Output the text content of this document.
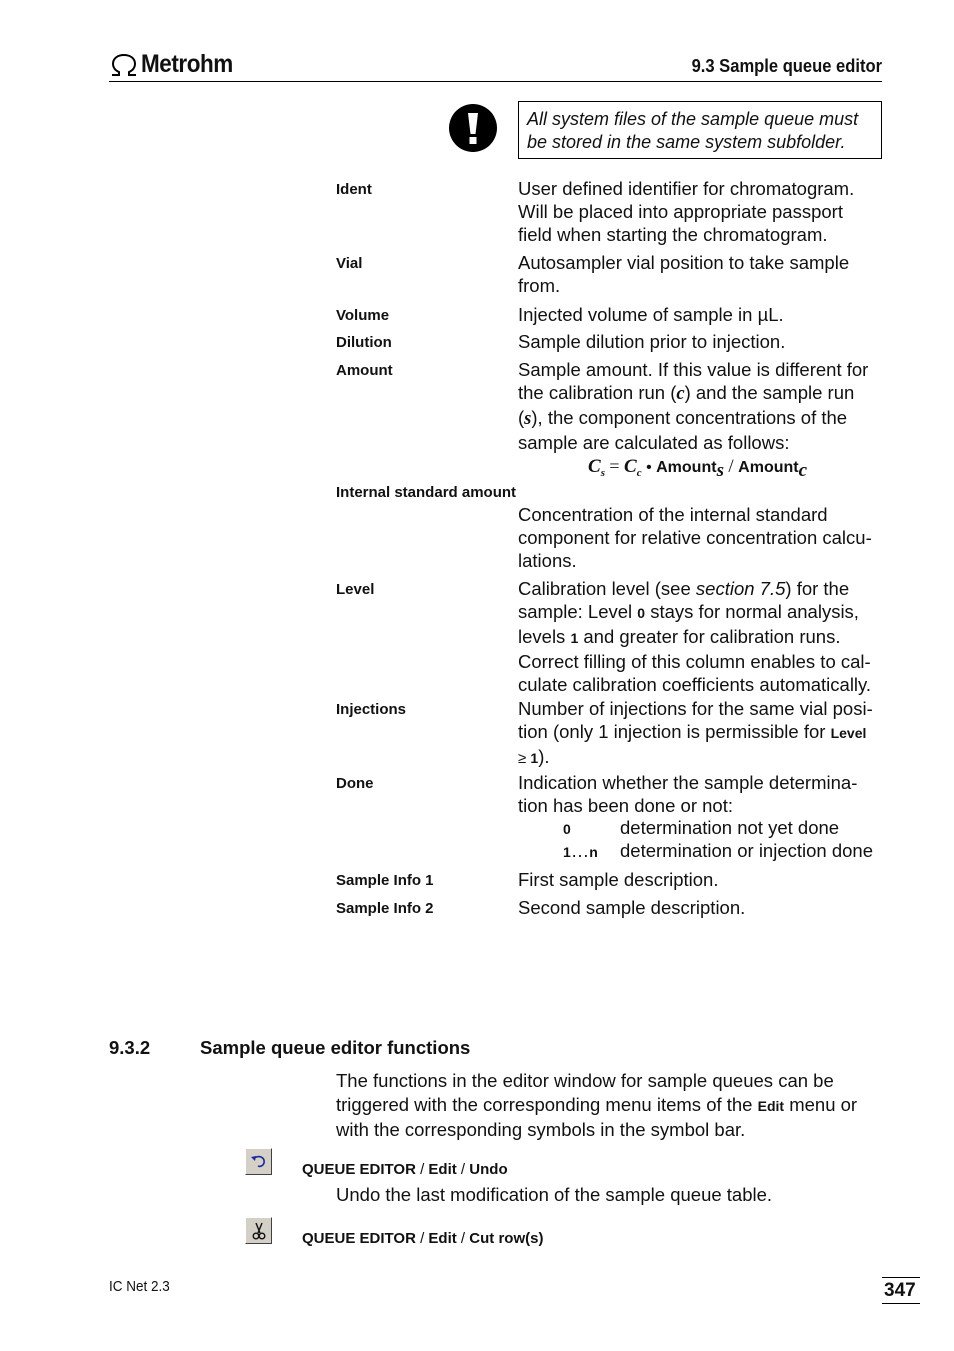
Metrohm	9.3 Sample queue editor
All system files of the sample queue must
be stored in the same system subfolder.
Ident	User defined identifier for chromatogram. Will be placed into appropriate passport field when starting the chromatogram.
Vial	Autosampler vial position to take sample from.
Volume	Injected volume of sample in µL.
Dilution	Sample dilution prior to injection.
Amount	Sample amount. If this value is different for the calibration run (c) and the sample run (s), the component concentrations of the sample are calculated as follows:
$C_s = C_c$ • Amount$_s$ / Amount$_c$
Internal standard amount
Concentration of the internal standard component for relative concentration calcu-lations.
Level	Calibration level (see section 7.5) for the sample: Level 0 stays for normal analysis, levels 1 and greater for calibration runs. Correct filling of this column enables to cal-culate calibration coefficients automatically.
Injections	Number of injections for the same vial posi-tion (only 1 injection is permissible for Level
≥ 1).
Done	Indication whether the sample determina-tion has been done or not:
0	determination not yet done
1…n determination or injection done
Sample Info 1	First sample description.
Sample Info 2	Second sample description.
9.3.2	Sample queue editor functions
The functions in the editor window for sample queues can be triggered with the corresponding menu items of the Edit menu or with the corresponding symbols in the symbol bar.
QUEUE EDITOR / Edit / Undo
Undo the last modification of the sample queue table.
QUEUE EDITOR / Edit / Cut row(s)
IC Net 2.3	347
